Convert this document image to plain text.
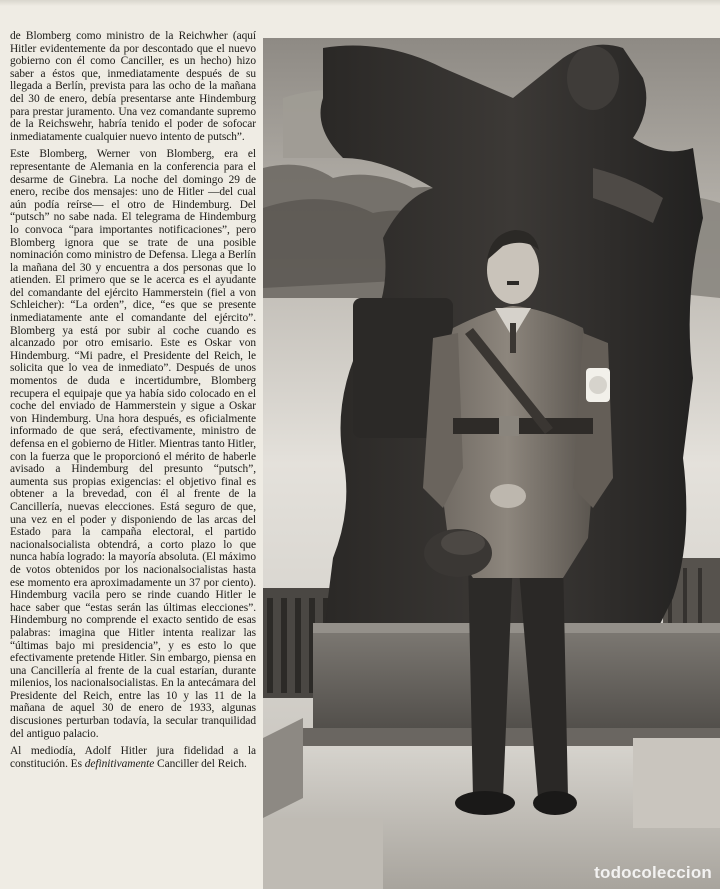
de Blomberg como ministro de la Reichwher (aquí Hitler evidentemente da por descontado que el nuevo gobierno con él como Canciller, es un hecho) hizo saber a éstos que, inmediatamente después de su llegada a Berlín, prevista para las ocho de la mañana del 30 de enero, debía presentarse ante Hindemburg para prestar juramento. Una vez comandante supremo de la Reichswehr, habría tenido el poder de sofocar inmediatamente cualquier nuevo intento de putsch”.

Este Blomberg, Werner von Blomberg, era el representante de Alemania en la conferencia para el desarme de Ginebra. La noche del domingo 29 de enero, recibe dos mensajes: uno de Hitler —del cual aún podía reírse— el otro de Hindemburg. Del “putsch” no sabe nada. El telegrama de Hindemburg lo convoca “para importantes notificaciones”, pero Blomberg ignora que se trate de una posible nominación como ministro de Defensa. Llega a Berlín la mañana del 30 y encuentra a dos personas que lo atienden. El primero que se le acerca es el ayudante del comandante del ejército Hammerstein (fiel a von Schleicher): “La orden”, dice, “es que se presente inmediatamente ante el comandante del ejército”. Blomberg ya está por subir al coche cuando es alcanzado por otro emisario. Este es Oskar von Hindemburg. “Mi padre, el Presidente del Reich, le solicita que lo vea de inmediato”. Después de unos momentos de duda e incertidumbre, Blomberg recupera el equipaje que ya había sido colocado en el coche del enviado de Hammerstein y sigue a Oskar von Hindemburg. Una hora después, es oficialmente informado de que será, efectivamente, ministro de defensa en el gobierno de Hitler. Mientras tanto Hitler, con la fuerza que le proporcionó el mérito de haberle avisado a Hindemburg del presunto “putsch”, aumenta sus propias exigencias: el objetivo final es obtener a la brevedad, con él al frente de la Cancillería, nuevas elecciones. Está seguro de que, una vez en el poder y disponiendo de las arcas del Estado para la campaña electoral, el partido nacionalsocialista obtendrá, a corto plazo lo que nunca había logrado: la mayoría absoluta. (El máximo de votos obtenidos por los nacionalsocialistas hasta ese momento era aproximadamente un 37 por ciento). Hindemburg vacila pero se rinde cuando Hitler le hace saber que “estas serán las últimas elecciones”. Hindemburg no comprende el exacto sentido de esas palabras: imagina que Hitler intenta realizar las “últimas bajo mi presidencia”, y es esto lo que efectivamente pretende Hitler. Sin embargo, piensa en una Cancillería al frente de la cual estarían, durante milenios, los nacionalsocialistas. En la antecámara del Presidente del Reich, entre las 10 y las 11 de la mañana de aquel 30 de enero de 1933, algunas discusiones perturban todavía, la secular tranquilidad del antiguo palacio.

Al mediodía, Adolf Hitler jura fidelidad a la constitución. Es definitivamente Canciller del Reich.

todocoleccion
